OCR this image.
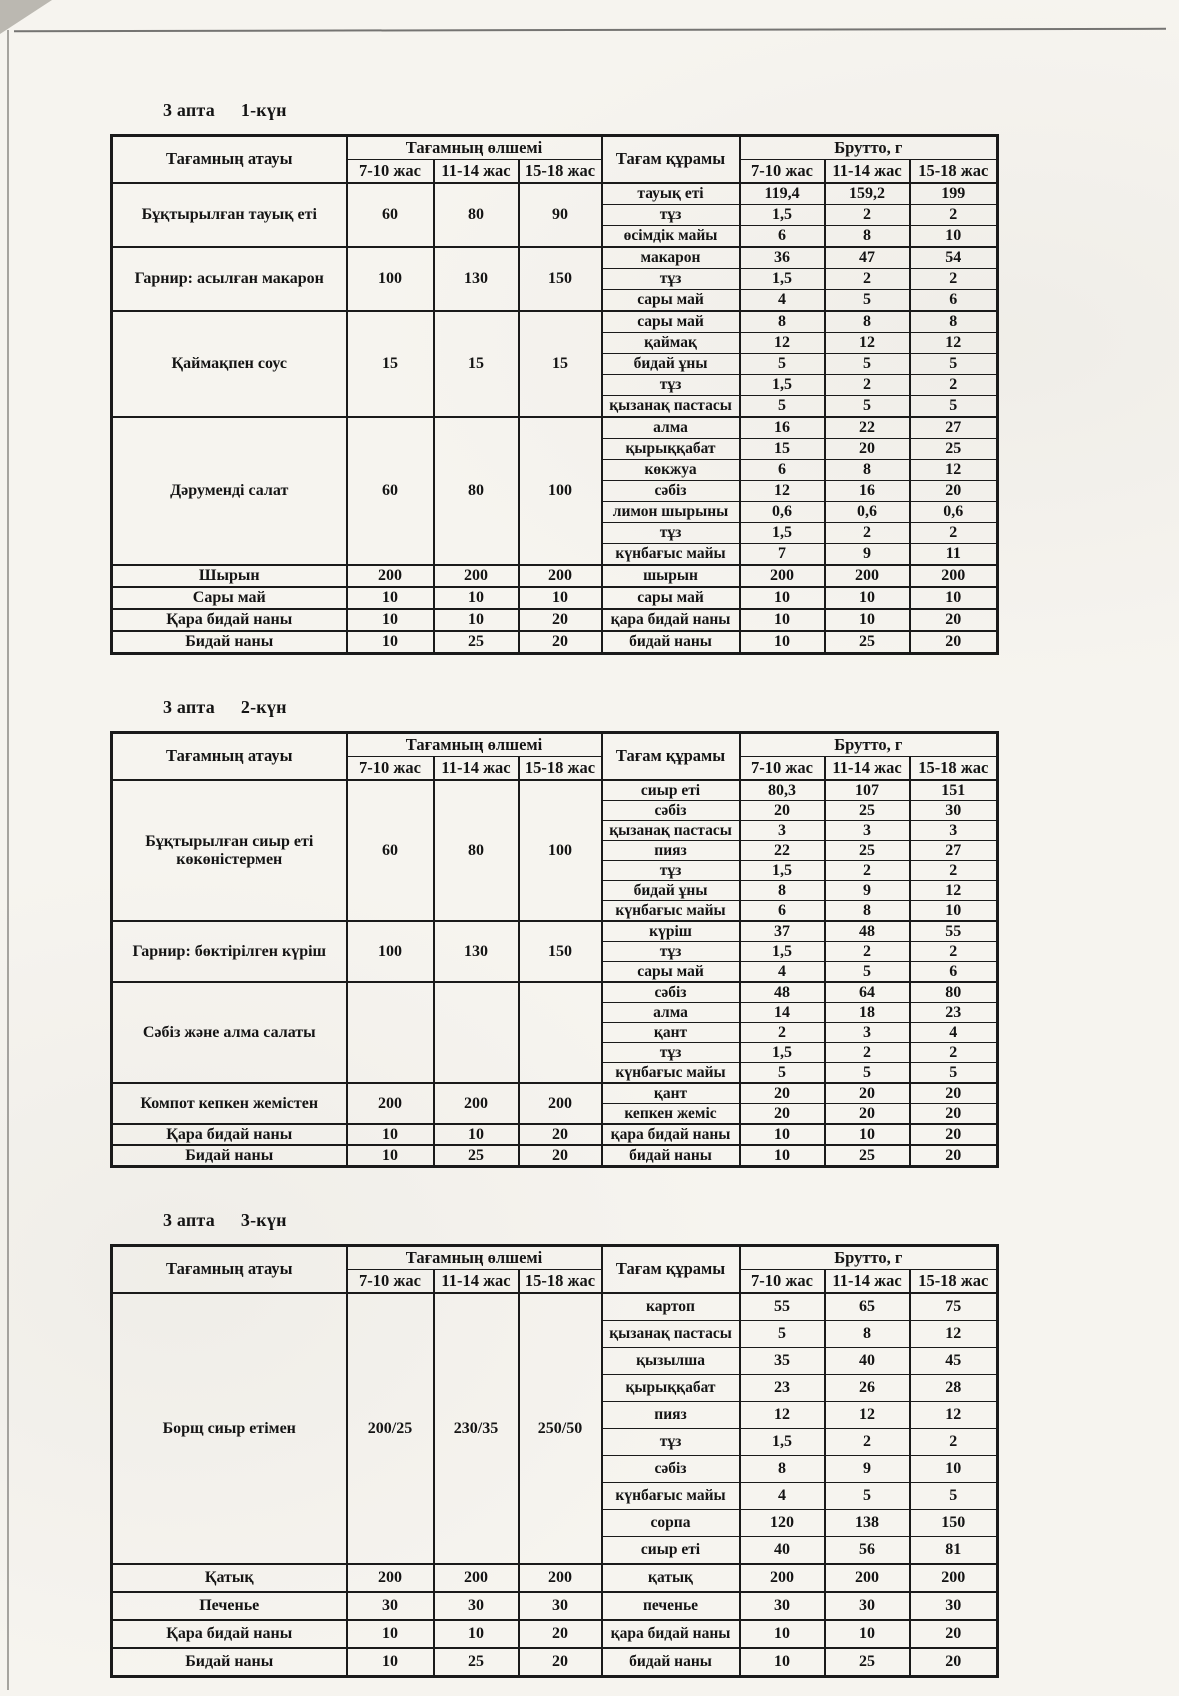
3 апта 1-күн
Тағамның атауы	Тағамның өлшемі			Тағам құрамы	Брутто, г		
	7-10 жас	11-14 жас	15-18 жас		7-10 жас	11-14 жас	15-18 жас
Бұқтырылған тауық еті	60	80	90	тауық еті	119,4	159,2	199
				тұз	1,5	2	2
				өсімдік майы	6	8	10
Гарнир: асылған макарон	100	130	150	макарон	36	47	54
				тұз	1,5	2	2
				сары май	4	5	6
Қаймақпен соус	15	15	15	сары май	8	8	8
				қаймақ	12	12	12
				бидай ұны	5	5	5
				тұз	1,5	2	2
				қызанақ пастасы	5	5	5
Дәруменді салат	60	80	100	алма	16	22	27
				қырыққабат	15	20	25
				көкжуа	6	8	12
				сәбіз	12	16	20
				лимон шырыны	0,6	0,6	0,6
				тұз	1,5	2	2
				күнбағыс майы	7	9	11
Шырын	200	200	200	шырын	200	200	200
Сары май	10	10	10	сары май	10	10	10
Қара бидай наны	10	10	20	қара бидай наны	10	10	20
Бидай наны	10	25	20	бидай наны	10	25	20
3 апта 2-күн
Тағамның атауы	Тағамның өлшемі			Тағам құрамы	Брутто, г		
	7-10 жас	11-14 жас	15-18 жас		7-10 жас	11-14 жас	15-18 жас
Бұқтырылған сиыр еті көкөністермен	60	80	100	сиыр еті	80,3	107	151
				сәбіз	20	25	30
				қызанақ пастасы	3	3	3
				пияз	22	25	27
				тұз	1,5	2	2
				бидай ұны	8	9	12
				күнбағыс майы	6	8	10
Гарнир: бөктірілген күріш	100	130	150	күріш	37	48	55
				тұз	1,5	2	2
				сары май	4	5	6
Сәбіз және алма салаты				сәбіз	48	64	80
				алма	14	18	23
				қант	2	3	4
				тұз	1,5	2	2
				күнбағыс майы	5	5	5
Компот кепкен жемістен	200	200	200	қант	20	20	20
				кепкен жеміс	20	20	20
Қара бидай наны	10	10	20	қара бидай наны	10	10	20
Бидай наны	10	25	20	бидай наны	10	25	20
3 апта 3-күн
Тағамның атауы	Тағамның өлшемі			Тағам құрамы	Брутто, г		
	7-10 жас	11-14 жас	15-18 жас		7-10 жас	11-14 жас	15-18 жас
Борщ сиыр етімен	200/25	230/35	250/50	картоп	55	65	75
				қызанақ пастасы	5	8	12
				қызылша	35	40	45
				қырыққабат	23	26	28
				пияз	12	12	12
				тұз	1,5	2	2
				сәбіз	8	9	10
				күнбағыс майы	4	5	5
				сорпа	120	138	150
				сиыр еті	40	56	81
Қатық	200	200	200	қатық	200	200	200
Печенье	30	30	30	печенье	30	30	30
Қара бидай наны	10	10	20	қара бидай наны	10	10	20
Бидай наны	10	25	20	бидай наны	10	25	20
